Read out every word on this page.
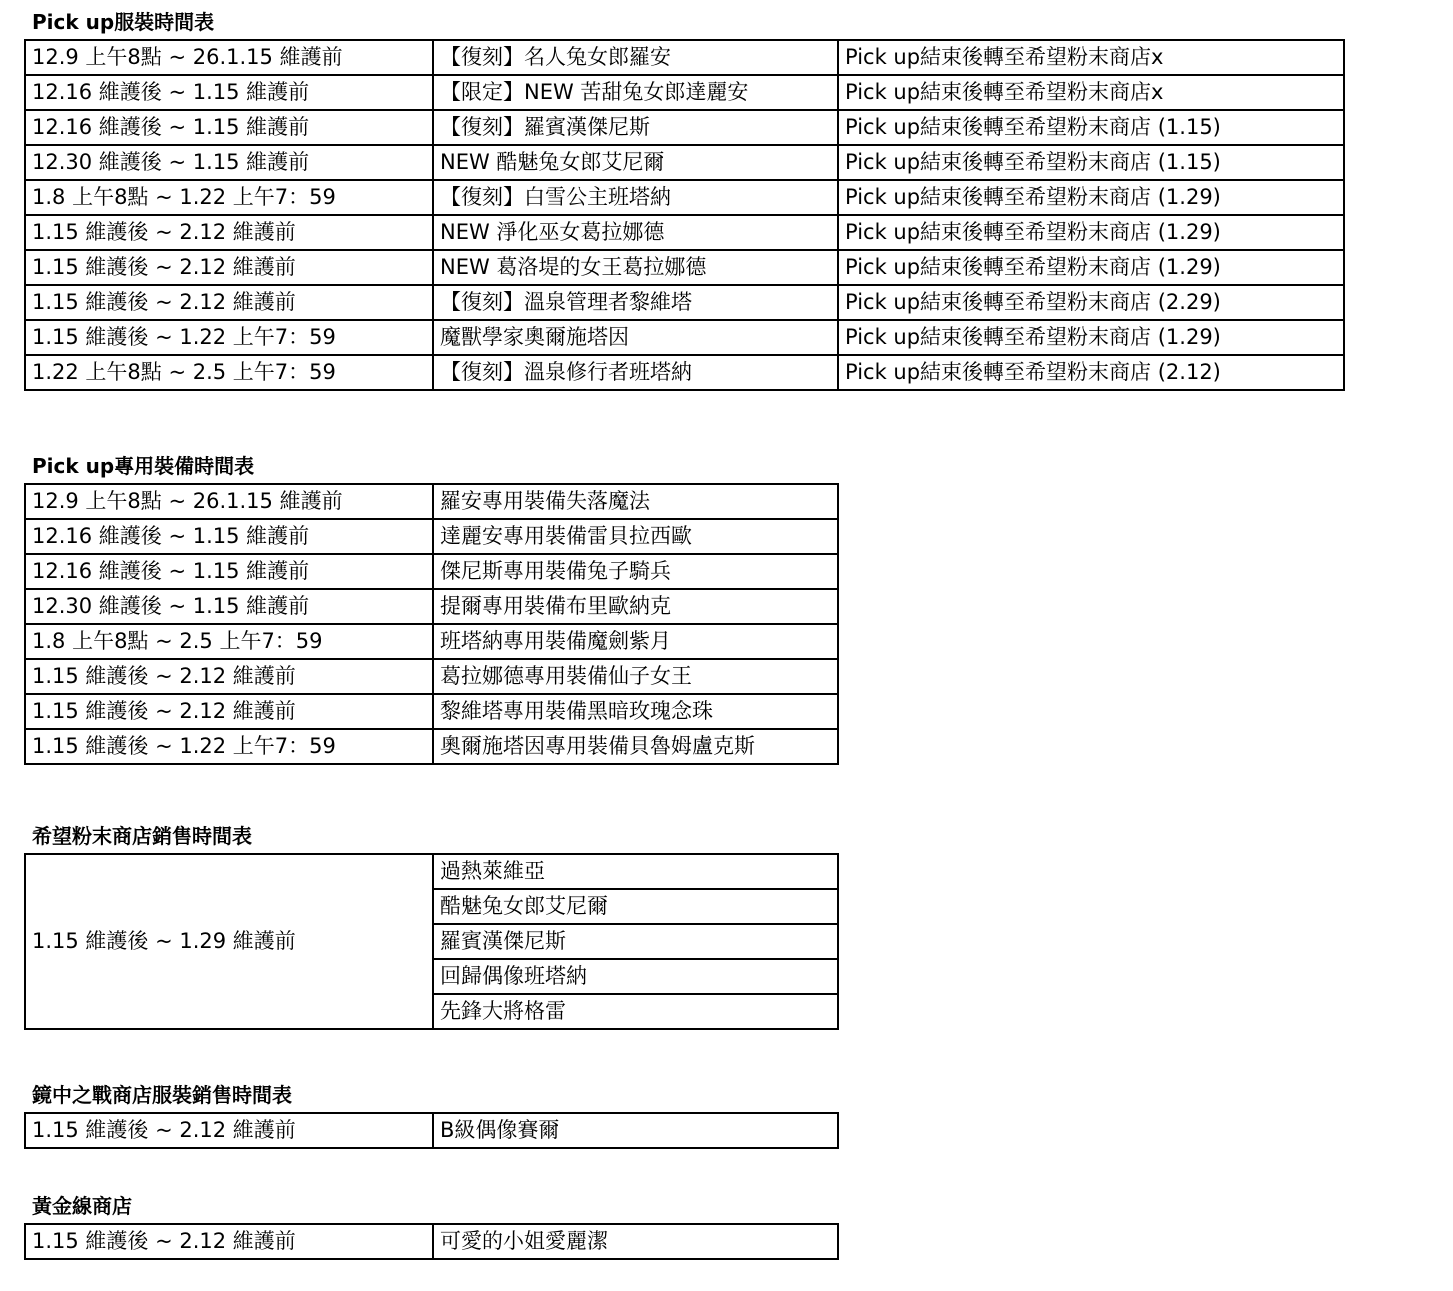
Pick up服裝時間表
12.9 上午8點 ~ 26.1.15 維護前	【復刻】名人兔女郎羅安	Pick up結束後轉至希望粉末商店x
12.16 維護後 ~ 1.15 維護前	【限定】NEW 苦甜兔女郎達麗安	Pick up結束後轉至希望粉末商店x
12.16 維護後 ~ 1.15 維護前	【復刻】羅賓漢傑尼斯	Pick up結束後轉至希望粉末商店 (1.15)
12.30 維護後 ~ 1.15 維護前	NEW 酷魅兔女郎艾尼爾	Pick up結束後轉至希望粉末商店 (1.15)
1.8 上午8點 ~ 1.22 上午7：59	【復刻】白雪公主班塔納	Pick up結束後轉至希望粉末商店 (1.29)
1.15 維護後 ~ 2.12 維護前	NEW 淨化巫女葛拉娜德	Pick up結束後轉至希望粉末商店 (1.29)
1.15 維護後 ~ 2.12 維護前	NEW 葛洛堤的女王葛拉娜德	Pick up結束後轉至希望粉末商店 (1.29)
1.15 維護後 ~ 2.12 維護前	【復刻】溫泉管理者黎維塔	Pick up結束後轉至希望粉末商店 (2.29)
1.15 維護後 ~ 1.22 上午7：59	魔獸學家奧爾施塔因	Pick up結束後轉至希望粉末商店 (1.29)
1.22 上午8點 ~ 2.5 上午7：59	【復刻】溫泉修行者班塔納	Pick up結束後轉至希望粉末商店 (2.12)
Pick up專用裝備時間表
12.9 上午8點 ~ 26.1.15 維護前	羅安專用裝備失落魔法
12.16 維護後 ~ 1.15 維護前	達麗安專用裝備雷貝拉西歐
12.16 維護後 ~ 1.15 維護前	傑尼斯專用裝備兔子騎兵
12.30 維護後 ~ 1.15 維護前	提爾專用裝備布里歐納克
1.8 上午8點 ~ 2.5 上午7：59	班塔納專用裝備魔劍紫月
1.15 維護後 ~ 2.12 維護前	葛拉娜德專用裝備仙子女王
1.15 維護後 ~ 2.12 維護前	黎維塔專用裝備黑暗玫瑰念珠
1.15 維護後 ~ 1.22 上午7：59	奧爾施塔因專用裝備貝魯姆盧克斯
希望粉末商店銷售時間表
1.15 維護後 ~ 1.29 維護前	過熱萊維亞
酷魅兔女郎艾尼爾
羅賓漢傑尼斯
回歸偶像班塔納
先鋒大將格雷
鏡中之戰商店服裝銷售時間表
1.15 維護後 ~ 2.12 維護前	B級偶像賽爾
黃金線商店
1.15 維護後 ~ 2.12 維護前	可愛的小姐愛麗潔
